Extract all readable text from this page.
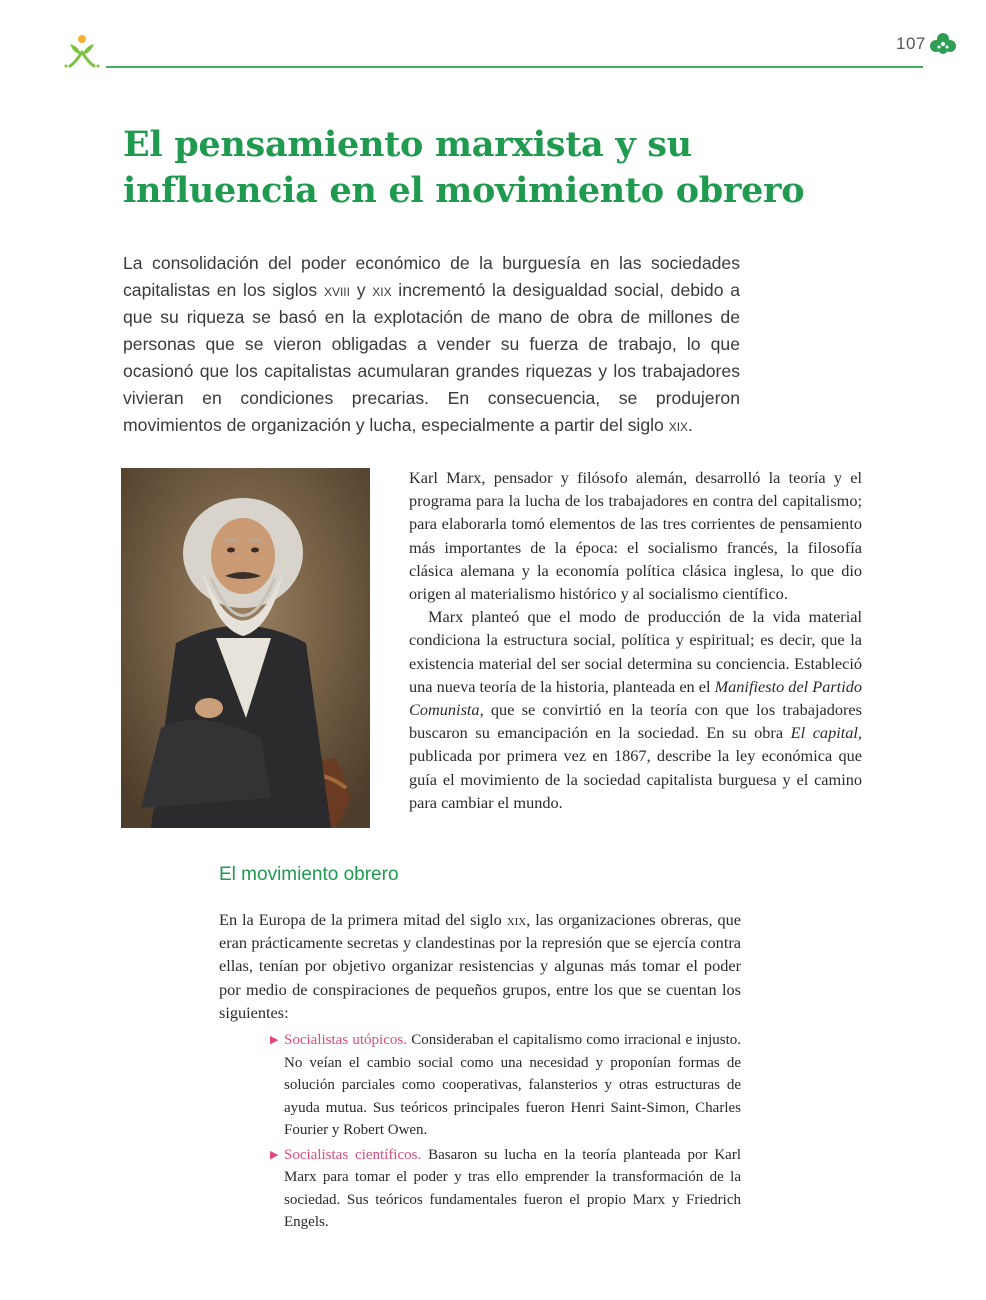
107
El pensamiento marxista y su
influencia en el movimiento obrero

La consolidación del poder económico de la burguesía en las sociedades capitalistas en los siglos xviii y xix incrementó la desigualdad social, debido a que su riqueza se basó en la explotación de mano de obra de millones de personas que se vieron obligadas a vender su fuerza de trabajo, lo que ocasionó que los capitalistas acumularan grandes riquezas y los trabajadores vivieran en condiciones precarias. En consecuencia, se produjeron movimientos de organización y lucha, especialmente a partir del siglo xix.

Karl Marx, pensador y filósofo alemán, desarrolló la teoría y el programa para la lucha de los trabajadores en contra del capitalismo; para elaborarla tomó elementos de las tres corrientes de pensamiento más importantes de la época: el socialismo francés, la filosofía clásica alemana y la economía política clásica inglesa, lo que dio origen al materialismo histórico y al socialismo científico.

Marx planteó que el modo de producción de la vida material condiciona la estructura social, política y espiritual; es decir, que la existencia material del ser social determina su conciencia. Estableció una nueva teoría de la historia, planteada en el Manifiesto del Partido Comunista, que se convirtió en la teoría con que los trabajadores buscaron su emancipación en la sociedad. En su obra El capital, publicada por primera vez en 1867, describe la ley económica que guía el movimiento de la sociedad capitalista burguesa y el camino para cambiar el mundo.

El movimiento obrero

En la Europa de la primera mitad del siglo xix, las organizaciones obreras, que eran prácticamente secretas y clandestinas por la represión que se ejercía contra ellas, tenían por objetivo organizar resistencias y algunas más tomar el poder por medio de conspiraciones de pequeños grupos, entre los que se cuentan los siguientes:

▶ Socialistas utópicos. Consideraban el capitalismo como irracional e injusto. No veían el cambio social como una necesidad y proponían formas de solución parciales como cooperativas, falansterios y otras estructuras de ayuda mutua. Sus teóricos principales fueron Henri Saint-Simon, Charles Fourier y Robert Owen.
▶ Socialistas científicos. Basaron su lucha en la teoría planteada por Karl Marx para tomar el poder y tras ello emprender la transformación de la sociedad. Sus teóricos fundamentales fueron el propio Marx y Friedrich Engels.
